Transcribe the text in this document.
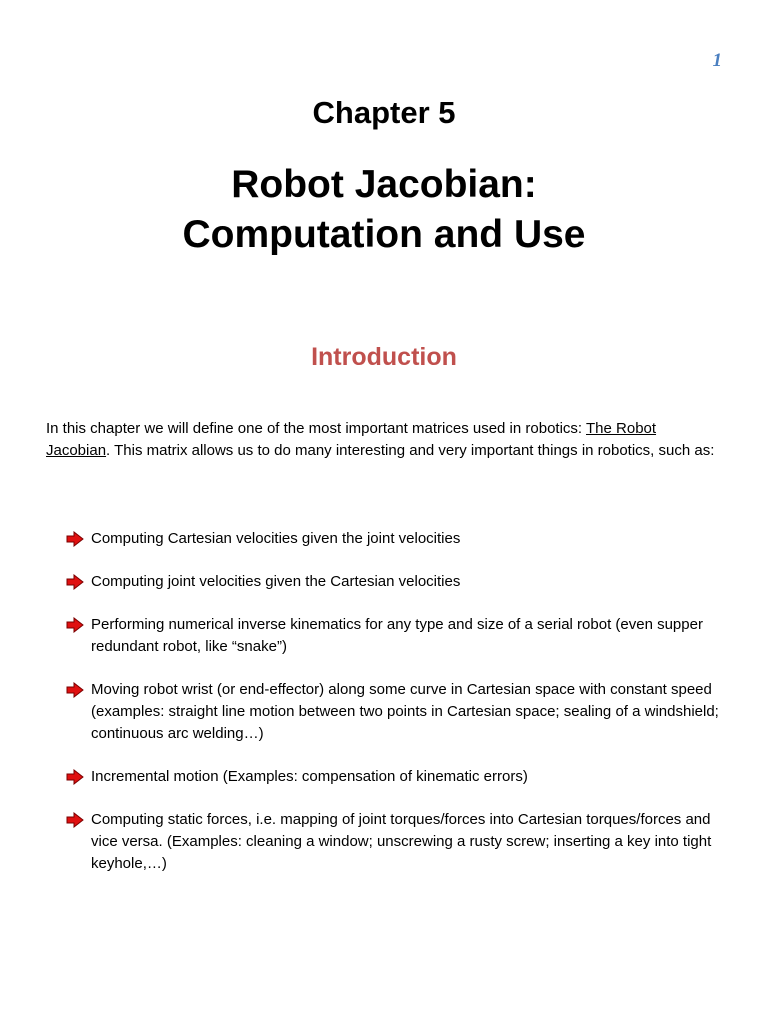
1
Chapter 5
Robot Jacobian:
Computation and Use
Introduction

In this chapter we will define one of the most important matrices used in robotics: The Robot Jacobian. This matrix allows us to do many interesting and very important things in robotics, such as:

Computing Cartesian velocities given the joint velocities
Computing joint velocities given the Cartesian velocities
Performing numerical inverse kinematics for any type and size of a serial robot (even supper redundant robot, like “snake”)
Moving robot wrist (or end-effector) along some curve in Cartesian space with constant speed (examples: straight line motion between two points in Cartesian space; sealing of a windshield; continuous arc welding…)
Incremental motion (Examples: compensation of kinematic errors)
Computing static forces, i.e. mapping of joint torques/forces into Cartesian torques/forces and vice versa. (Examples: cleaning a window; unscrewing a rusty screw; inserting a key into tight keyhole,…)
